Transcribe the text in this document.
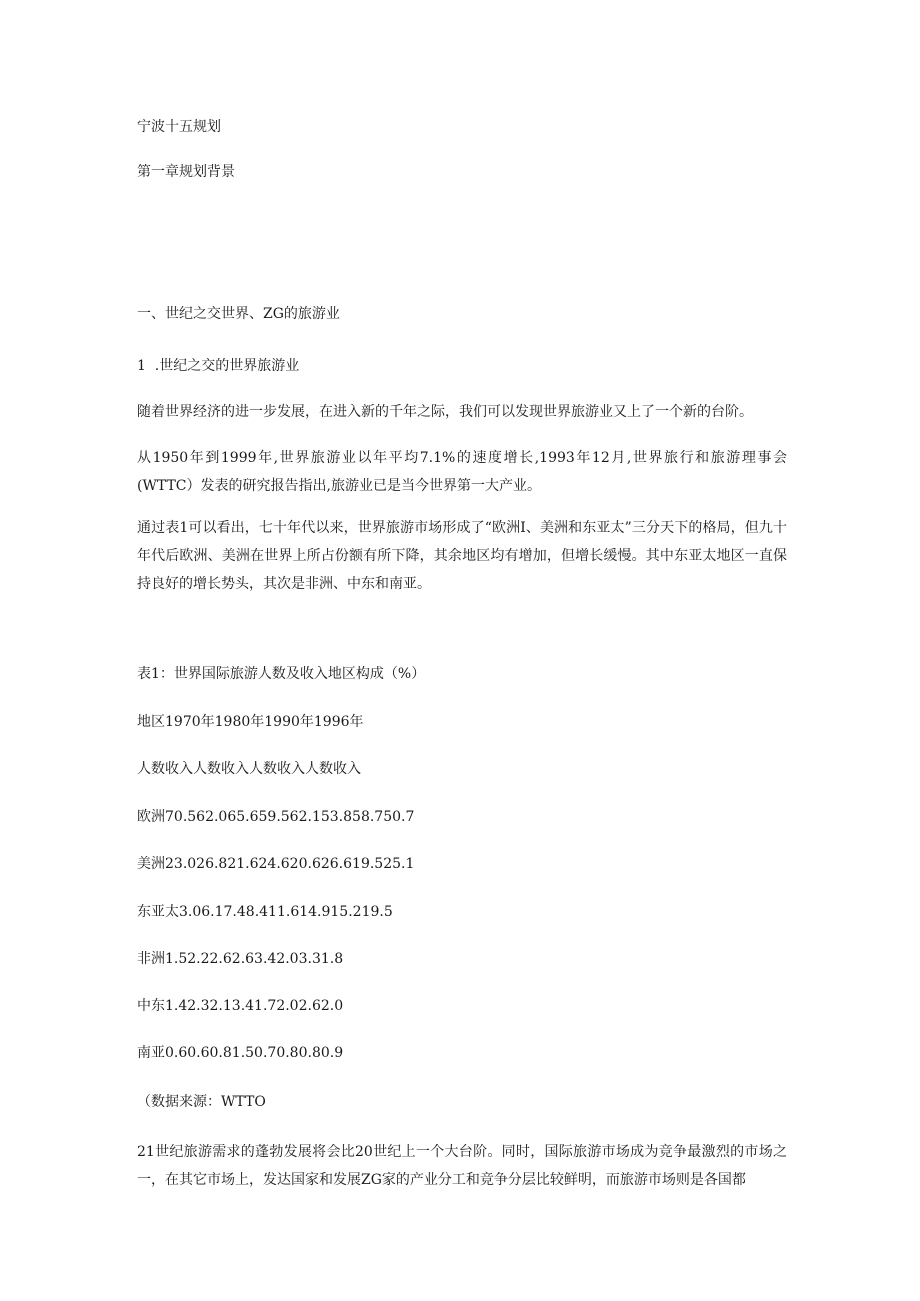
宁波十五规划
第一章规划背景
一、世纪之交世界、ZG的旅游业
1  .世纪之交的世界旅游业
随着世界经济的进一步发展，在进入新的千年之际，我们可以发现世界旅游业又上了一个新的台阶。
从1950年到1999年,世界旅游业以年平均7.1%的速度增长,1993年12月,世界旅行和旅游理事会(WTTC）发表的研究报告指出,旅游业已是当今世界第一大产业。
通过表1可以看出，七十年代以来，世界旅游市场形成了“欧洲I、美洲和东亚太”三分天下的格局，但九十年代后欧洲、美洲在世界上所占份额有所下降，其余地区均有增加，但增长缓慢。其中东亚太地区一直保持良好的增长势头，其次是非洲、中东和南亚。
表1：世界国际旅游人数及收入地区构成（%）
地区1970年1980年1990年1996年
人数收入人数收入人数收入人数收入
欧洲70.562.065.659.562.153.858.750.7
美洲23.026.821.624.620.626.619.525.1
东亚太3.06.17.48.411.614.915.219.5
非洲1.52.22.62.63.42.03.31.8
中东1.42.32.13.41.72.02.62.0
南亚0.60.60.81.50.70.80.80.9
（数据来源：WTTO
21世纪旅游需求的蓬勃发展将会比20世纪上一个大台阶。同时，国际旅游市场成为竞争最激烈的市场之一，在其它市场上，发达国家和发展ZG家的产业分工和竞争分层比较鲜明，而旅游市场则是各国都
